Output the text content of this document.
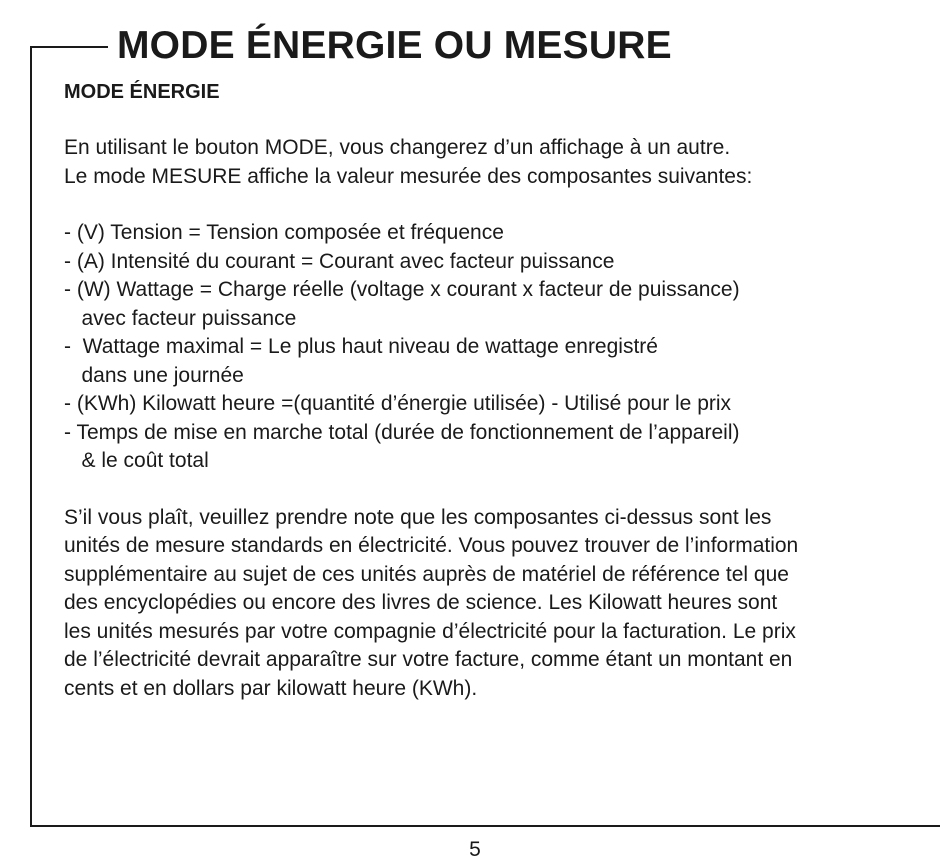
MODE ÉNERGIE OU MESURE
MODE ÉNERGIE

En utilisant le bouton MODE, vous changerez d’un affichage à un autre.

Le mode MESURE affiche la valeur mesurée des composantes suivantes:

- (V) Tension = Tension composée et fréquence

- (A) Intensité du courant = Courant avec facteur puissance

- (W) Wattage = Charge réelle (voltage x courant x facteur de puissance)

avec facteur puissance

-  Wattage maximal = Le plus haut niveau de wattage enregistré

dans une journée

- (KWh) Kilowatt heure =(quantité d’énergie utilisée) - Utilisé pour le prix

- Temps de mise en marche total (durée de fonctionnement de l’appareil)

& le coût total

S’il vous plaît, veuillez prendre note que les composantes ci-dessus sont les

unités de mesure standards en électricité. Vous pouvez trouver de l’information

supplémentaire au sujet de ces unités auprès de matériel de référence tel que

des encyclopédies ou encore des livres de science. Les Kilowatt heures sont

les unités mesurés par votre compagnie d’électricité pour la facturation. Le prix

de l’électricité devrait apparaître sur votre facture, comme étant un montant en

cents et en dollars par kilowatt heure (KWh).

5
